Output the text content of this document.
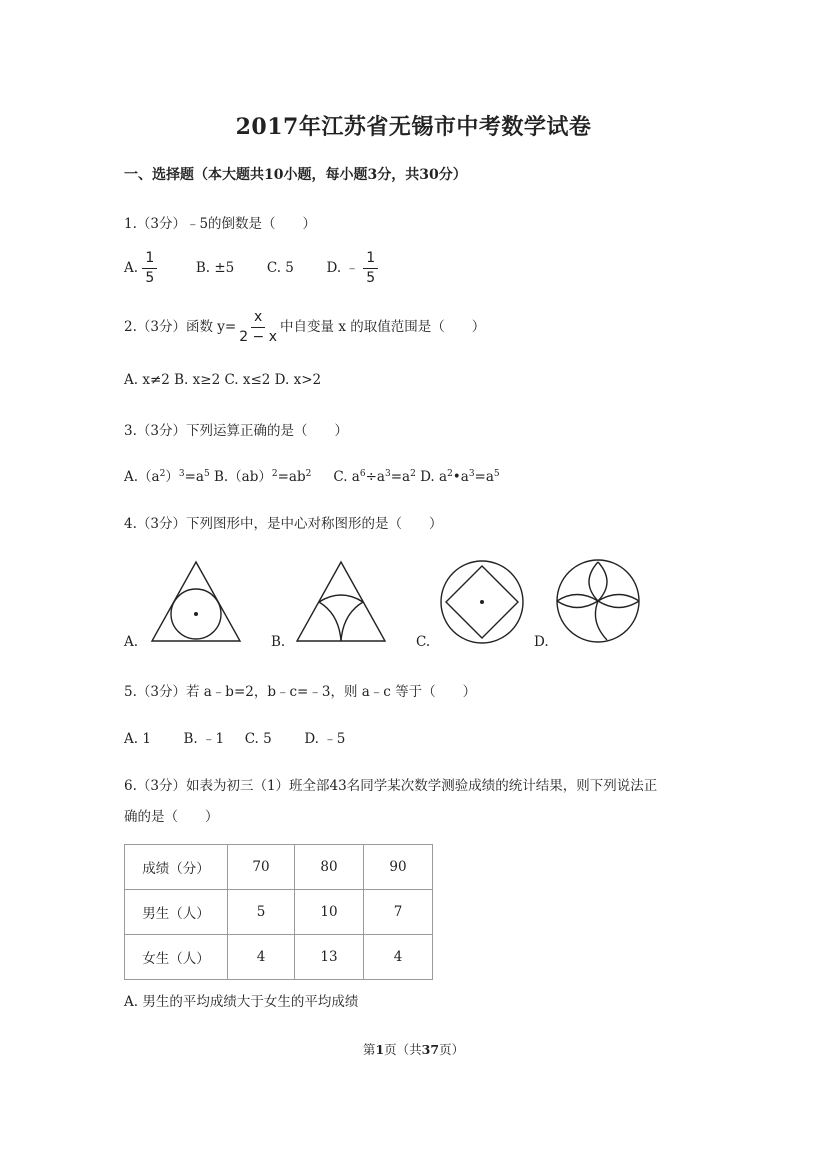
2017年江苏省无锡市中考数学试卷
一、选择题（本大题共10小题，每小题3分，共30分）
1.（3分）﹣5的倒数是（　　）
A. $\frac{1}{5}$	B. ±5 C. 5 D. ﹣ $\frac{1}{5}$
2.（3分）函数 $y= \frac{x}{2 - x}$ 中自变量 x 的取值范围是（　　）
A. x≠2 B. x≥2 C. x≤2 D. x>2
3.（3分）下列运算正确的是（　　）
$A.(a^2)^3=a^5$ $B.(ab)^2=ab^2$ C. $a^6\div a^3=a^2$ D. $a^2•a^3=a^5$
4.（3分）下列图形中，是中心对称图形的是（　　）
A.	B.	C.	D.
5.（3分）若 a﹣b=2，b﹣c=﹣3，则 a﹣c 等于（　　）
A. 1 B. ﹣1 C. 5 D. ﹣5
6.（3分）如表为初三（1）班全部43名同学某次数学测验成绩的统计结果，则下列说法正
确的是（　　）
成绩（分）	70	80	90
男生（人）	5	10	7
女生（人）	4	13	4
A. 男生的平均成绩大于女生的平均成绩
第1页（共37页）
